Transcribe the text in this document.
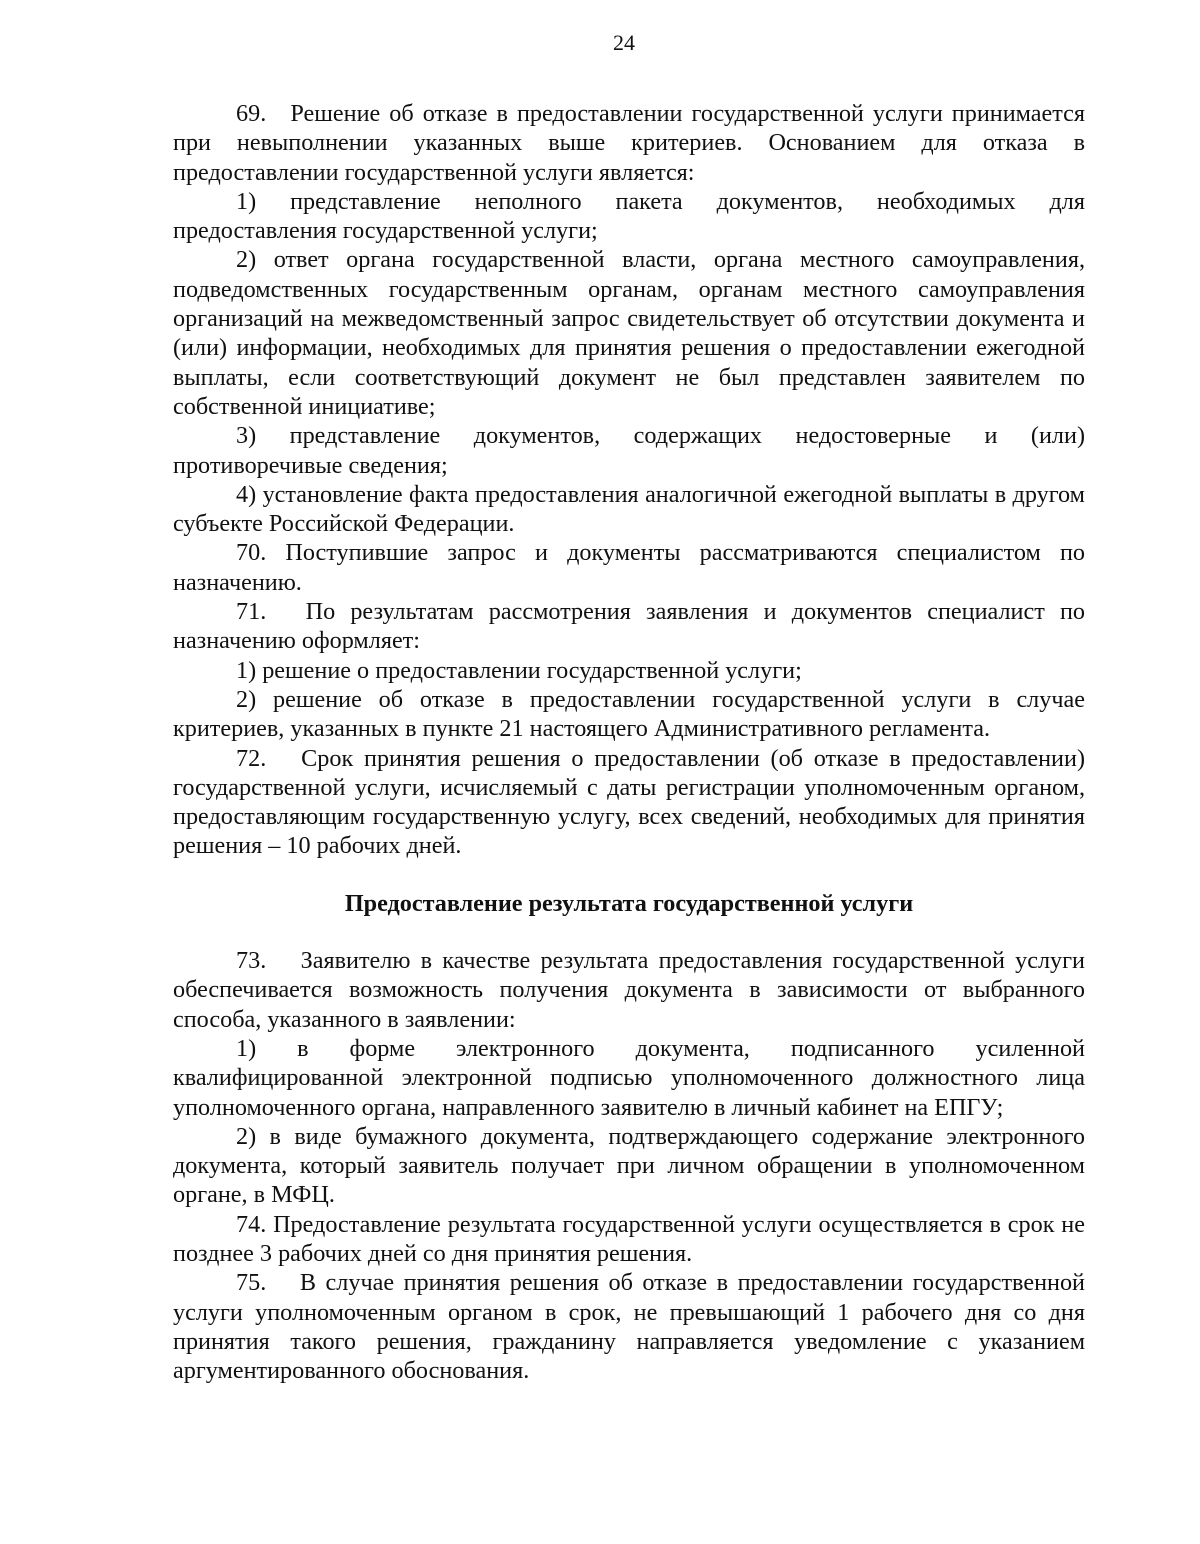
24

69. Решение об отказе в предоставлении государственной услуги принимается при невыполнении указанных выше критериев. Основанием для отказа в предоставлении государственной услуги является:

1) представление неполного пакета документов, необходимых для предоставления государственной услуги;

2) ответ органа государственной власти, органа местного самоуправления, подведомственных государственным органам, органам местного самоуправления организаций на межведомственный запрос свидетельствует об отсутствии документа и (или) информации, необходимых для принятия решения о предоставлении ежегодной выплаты, если соответствующий документ не был представлен заявителем по собственной инициативе;

3) представление документов, содержащих недостоверные и (или) противоречивые сведения;

4) установление факта предоставления аналогичной ежегодной выплаты в другом субъекте Российской Федерации.

70. Поступившие запрос и документы рассматриваются специалистом по назначению.

71.  По результатам рассмотрения заявления и документов специалист по назначению оформляет:

1) решение о предоставлении государственной услуги;

2) решение об отказе в предоставлении государственной услуги в случае критериев, указанных в пункте 21 настоящего Административного регламента.

72.  Срок принятия решения о предоставлении (об отказе в предоставлении) государственной услуги, исчисляемый с даты регистрации уполномоченным органом, предоставляющим государственную услугу, всех сведений, необходимых для принятия решения – 10 рабочих дней.

Предоставление результата государственной услуги

73.  Заявителю в качестве результата предоставления государственной услуги обеспечивается возможность получения документа в зависимости от выбранного способа, указанного в заявлении:

1) в форме электронного документа, подписанного усиленной квалифицированной электронной подписью уполномоченного должностного лица уполномоченного органа, направленного заявителю в личный кабинет на ЕПГУ;

2) в виде бумажного документа, подтверждающего содержание электронного документа, который заявитель получает при личном обращении в уполномоченном органе, в МФЦ.

74. Предоставление результата государственной услуги осуществляется в срок не позднее 3 рабочих дней со дня принятия решения.

75.  В случае принятия решения об отказе в предоставлении государственной услуги уполномоченным органом в срок, не превышающий 1 рабочего дня со дня принятия такого решения, гражданину направляется уведомление с указанием аргументированного обоснования.
